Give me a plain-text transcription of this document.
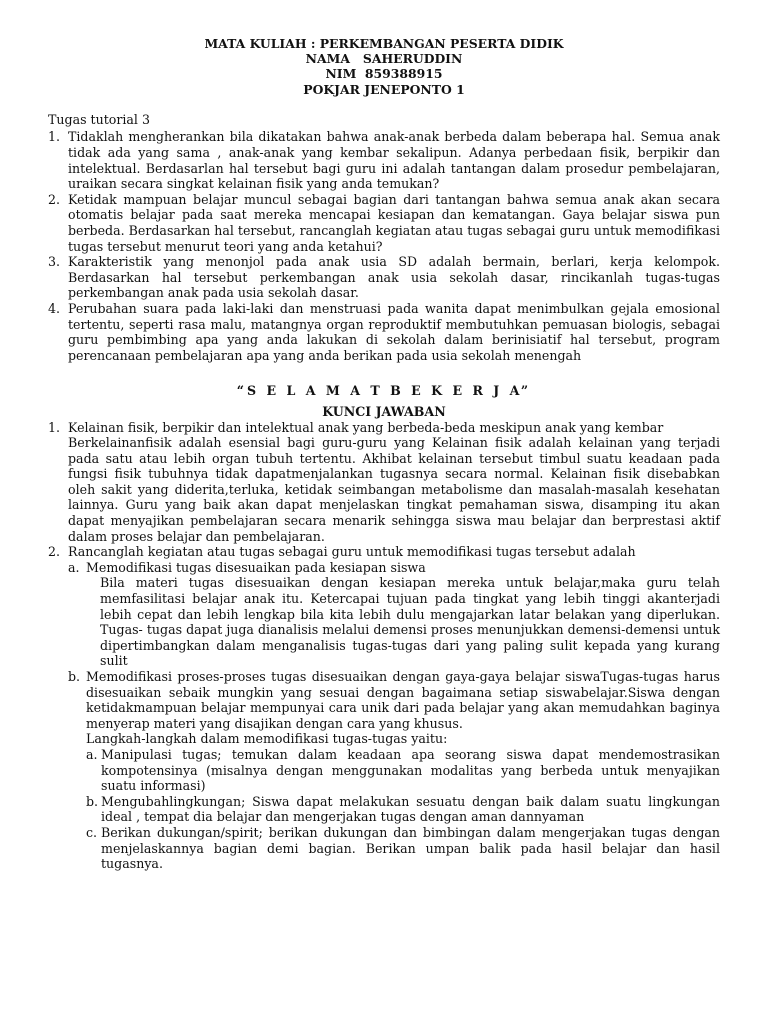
MATA KULIAH : PERKEMBANGAN PESERTA DIDIK
NAMA   SAHERUDDIN
NIM  859388915
POKJAR JENEPONTO 1
Tugas tutorial 3
1. Tidaklah mengherankan bila dikatakan bahwa anak-anak berbeda dalam beberapa hal. Semua anak tidak ada yang sama , anak-anak yang kembar sekalipun. Adanya perbedaan fisik, berpikir dan intelektual. Berdasarlan hal tersebut bagi guru ini adalah tantangan dalam prosedur pembelajaran, uraikan secara singkat kelainan fisik yang anda temukan?
2. Ketidak mampuan belajar muncul sebagai bagian dari tantangan bahwa semua anak akan secara otomatis belajar pada saat mereka mencapai kesiapan dan kematangan. Gaya belajar siswa pun berbeda. Berdasarkan hal tersebut, rancanglah kegiatan atau tugas sebagai guru untuk memodifikasi tugas tersebut menurut teori yang anda ketahui?
3. Karakteristik yang menonjol pada anak usia SD adalah bermain, berlari, kerja kelompok. Berdasarkan hal tersebut perkembangan anak usia sekolah dasar, rincikanlah tugas-tugas perkembangan anak pada usia sekolah dasar.
4. Perubahan suara pada laki-laki dan menstruasi pada wanita dapat menimbulkan gejala emosional tertentu, seperti rasa malu, matangnya organ reproduktif membutuhkan pemuasan biologis, sebagai guru pembimbing apa yang anda lakukan di sekolah dalam berinisiatif hal tersebut, program perencanaan pembelajaran apa yang anda berikan pada usia sekolah menengah
“S E L A M A T B E K E R J A”
KUNCI JAWABAN
1. Kelainan fisik, berpikir dan intelektual anak yang berbeda-beda meskipun anak yang kembar
Berkelainanfisik adalah esensial bagi guru-guru yang Kelainan fisik adalah kelainan yang terjadi pada satu atau lebih organ tubuh tertentu. Akhibat kelainan tersebut timbul suatu keadaan pada fungsi fisik tubuhnya tidak dapatmenjalankan tugasnya secara normal. Kelainan fisik disebabkan oleh sakit yang diderita,terluka, ketidak seimbangan metabolisme dan masalah-masalah kesehatan lainnya. Guru yang baik akan dapat menjelaskan tingkat pemahaman siswa, disamping itu akan dapat menyajikan pembelajaran secara menarik sehingga siswa mau belajar dan berprestasi aktif dalam proses belajar dan pembelajaran.
2. Rancanglah kegiatan atau tugas sebagai guru untuk memodifikasi tugas tersebut adalah
a. Memodifikasi tugas disesuaikan pada kesiapan siswa
Bila materi tugas disesuaikan dengan kesiapan mereka untuk belajar,maka guru telah memfasilitasi belajar anak itu. Ketercapai tujuan pada tingkat yang lebih tinggi akanterjadi lebih cepat dan lebih lengkap bila kita lebih dulu mengajarkan latar belakan yang diperlukan. Tugas- tugas dapat juga dianalisis melalui demensi proses menunjukkan demensi-demensi untuk dipertimbangkan dalam menganalisis tugas-tugas dari yang paling sulit kepada yang kurang sulit
b. Memodifikasi proses-proses tugas disesuaikan dengan gaya-gaya belajar siswaTugas-tugas harus disesuaikan sebaik mungkin yang sesuai dengan bagaimana setiap siswabelajar.Siswa dengan ketidakmampuan belajar mempunyai cara unik dari pada belajar yang akan memudahkan baginya menyerap materi yang disajikan dengan cara yang khusus.
Langkah-langkah dalam memodifikasi tugas-tugas yaitu:
a. Manipulasi tugas; temukan dalam keadaan apa seorang siswa dapat mendemostrasikan kompotensinya (misalnya dengan menggunakan modalitas yang berbeda untuk menyajikan suatu informasi)
b. Mengubahlingkungan; Siswa dapat melakukan sesuatu dengan baik dalam suatu lingkungan ideal , tempat dia belajar dan mengerjakan tugas dengan aman dannyaman
c. Berikan dukungan/spirit; berikan dukungan dan bimbingan dalam mengerjakan tugas dengan menjelaskannya bagian demi bagian. Berikan umpan balik pada hasil belajar dan hasil tugasnya.
